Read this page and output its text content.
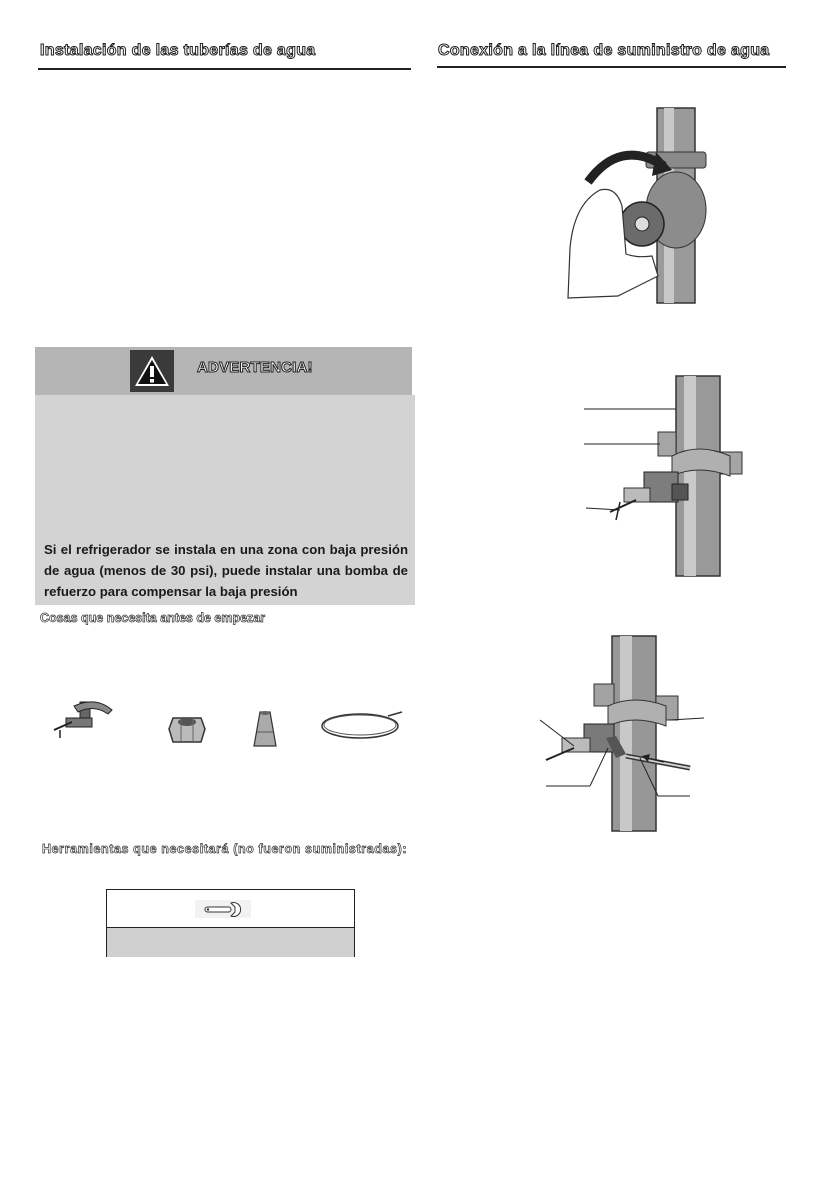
Instalación de las tuberías de agua
ADVERTENCIA!
Si el refrigerador se instala en una zona con baja presión de agua (menos de 30 psi), puede instalar una bomba de refuerzo para compensar la baja presión
Cosas que necesita antes de empezar
Herramientas que necesitará (no fueron suministradas):
Conexión a la línea de suministro de agua
